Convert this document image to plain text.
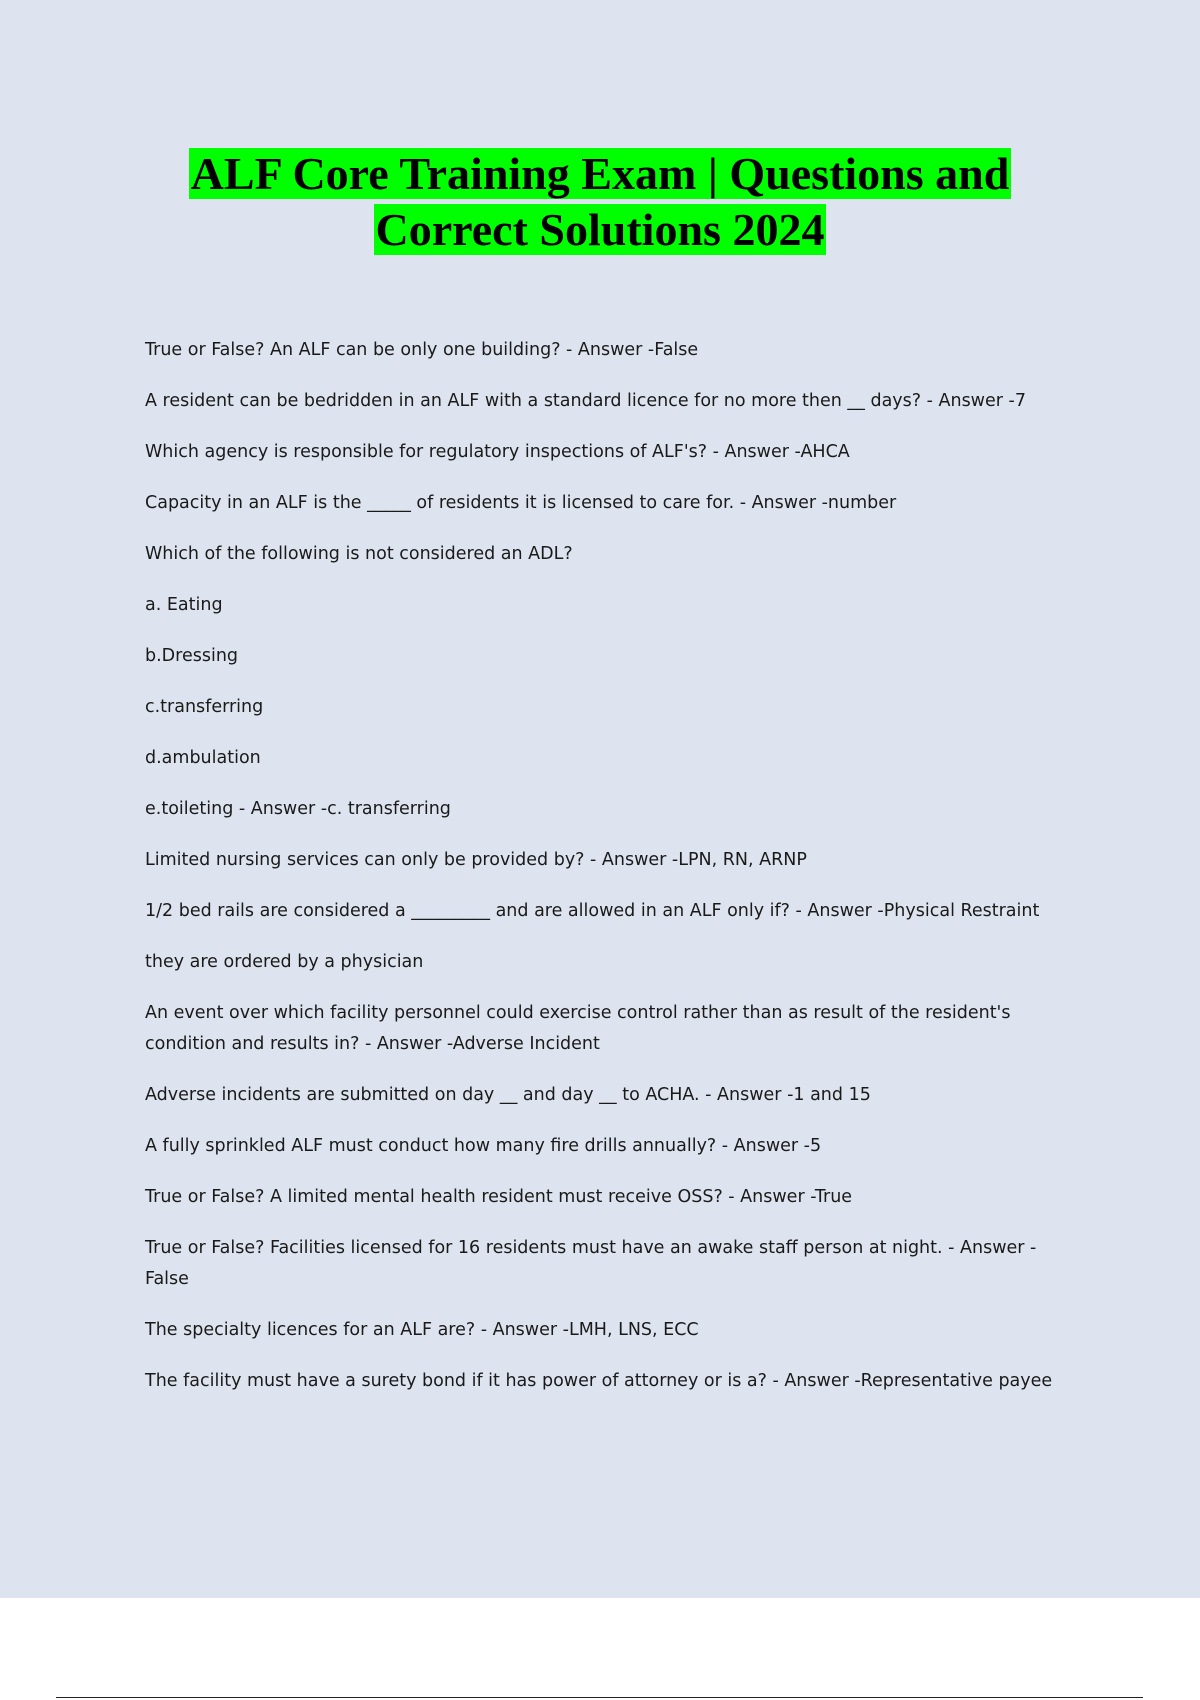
ALF Core Training Exam | Questions and
Correct Solutions 2024

True or False? An ALF can be only one building? - Answer -False

A resident can be bedridden in an ALF with a standard licence for no more then __ days? - Answer -7

Which agency is responsible for regulatory inspections of ALF's? - Answer -AHCA

Capacity in an ALF is the _____ of residents it is licensed to care for. - Answer -number

Which of the following is not considered an ADL?

a. Eating

b.Dressing

c.transferring

d.ambulation

e.toileting - Answer -c. transferring

Limited nursing services can only be provided by? - Answer -LPN, RN, ARNP

1/2 bed rails are considered a _________ and are allowed in an ALF only if? - Answer -Physical Restraint

they are ordered by a physician

An event over which facility personnel could exercise control rather than as result of the resident's
condition and results in? - Answer -Adverse Incident

Adverse incidents are submitted on day __ and day __ to ACHA. - Answer -1 and 15

A fully sprinkled ALF must conduct how many fire drills annually? - Answer -5

True or False? A limited mental health resident must receive OSS? - Answer -True

True or False? Facilities licensed for 16 residents must have an awake staff person at night. - Answer -
False

The specialty licences for an ALF are? - Answer -LMH, LNS, ECC

The facility must have a surety bond if it has power of attorney or is a? - Answer -Representative payee
